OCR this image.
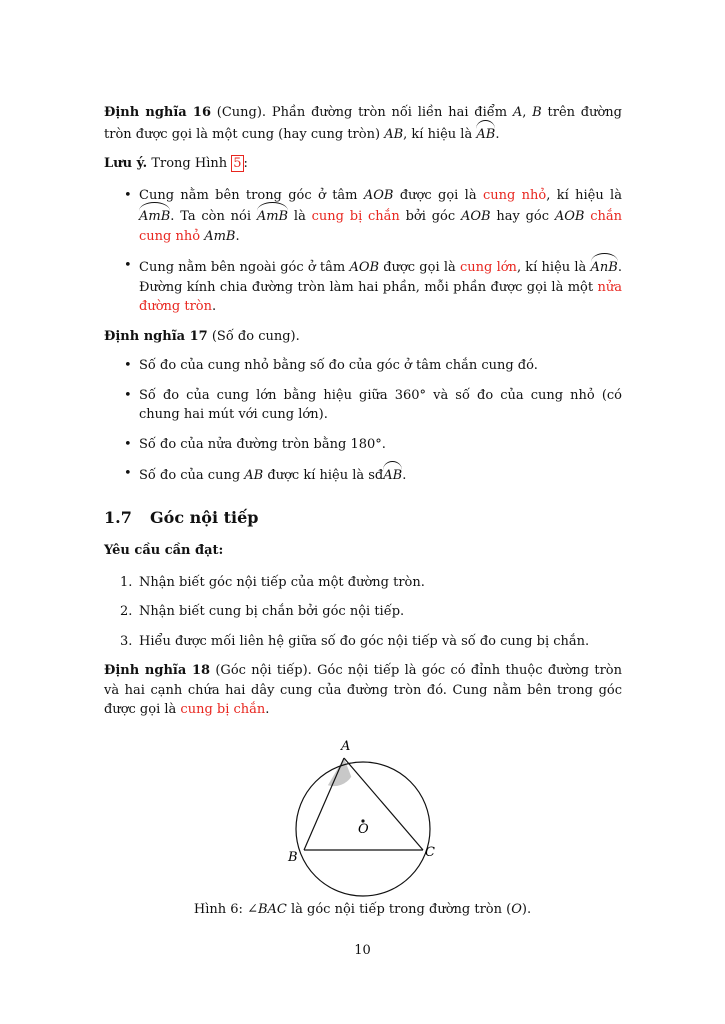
Định nghĩa 16 (Cung). Phần đường tròn nối liền hai điểm A, B trên đường tròn được gọi là một cung (hay cung tròn) AB, kí hiệu là AB.

Lưu ý. Trong Hình 5 :

• Cung nằm bên trong góc ở tâm AOB được gọi là cung nhỏ, kí hiệu là AmB. Ta còn nói AmB là cung bị chắn bởi góc AOB hay góc AOB chắn cung nhỏ AmB.
• Cung nằm bên ngoài góc ở tâm AOB được gọi là cung lớn, kí hiệu là AnB. Đường kính chia đường tròn làm hai phần, mỗi phần được gọi là một nửa đường tròn.

Định nghĩa 17 (Số đo cung).

• Số đo của cung nhỏ bằng số đo của góc ở tâm chắn cung đó.
• Số đo của cung lớn bằng hiệu giữa 360° và số đo của cung nhỏ (có chung hai mút với cung lớn).
• Số đo của nửa đường tròn bằng 180°.
• Số đo của cung AB được kí hiệu là sđAB.
1.7 Góc nội tiếp

Yêu cầu cần đạt:

1. Nhận biết góc nội tiếp của một đường tròn.
2. Nhận biết cung bị chắn bởi góc nội tiếp.
3. Hiểu được mối liên hệ giữa số đo góc nội tiếp và số đo cung bị chắn.

Định nghĩa 18 (Góc nội tiếp). Góc nội tiếp là góc có đỉnh thuộc đường tròn và hai cạnh chứa hai dây cung của đường tròn đó. Cung nằm bên trong góc được gọi là cung bị chắn.

A
B	C
O
Hình 6: ∠BAC là góc nội tiếp trong đường tròn (O).
10
